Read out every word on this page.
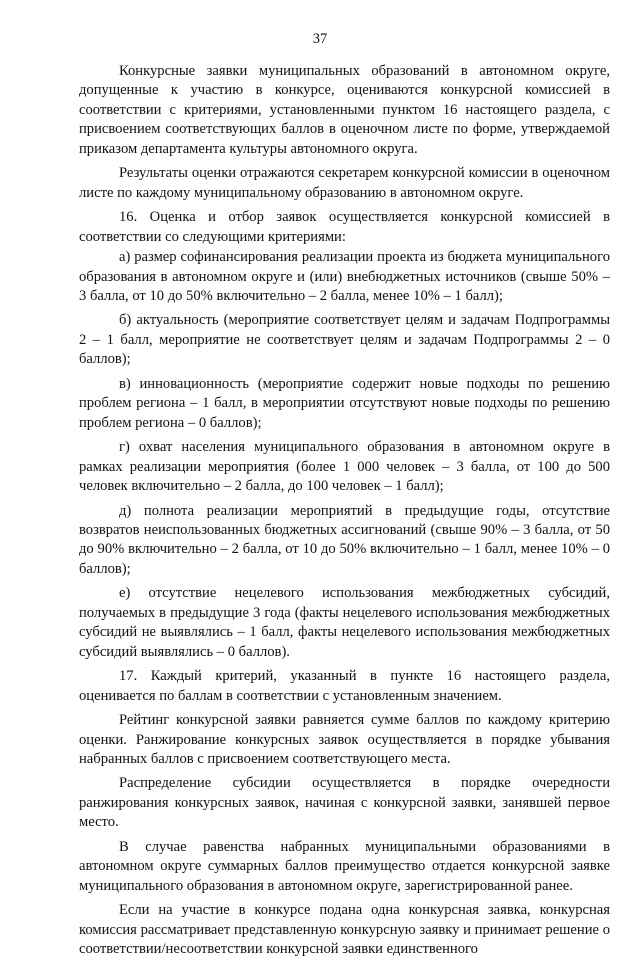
37

Конкурсные заявки муниципальных образований в автономном округе, допущенные к участию в конкурсе, оцениваются конкурсной комиссией в соответствии с критериями, установленными пунктом 16 настоящего раздела, с присвоением соответствующих баллов в оценочном листе по форме, утверждаемой приказом департамента культуры автономного округа.

Результаты оценки отражаются секретарем конкурсной комиссии в оценочном листе по каждому муниципальному образованию в автономном округе.

16. Оценка и отбор заявок осуществляется конкурсной комиссией в соответствии со следующими критериями:

а) размер софинансирования реализации проекта из бюджета муниципального образования в автономном округе и (или) внебюджетных источников (свыше 50% – 3 балла, от 10 до 50% включительно – 2 балла, менее 10% – 1 балл);

б) актуальность (мероприятие соответствует целям и задачам Подпрограммы 2 – 1 балл, мероприятие не соответствует целям и задачам Подпрограммы 2 – 0 баллов);

в) инновационность (мероприятие содержит новые подходы по решению проблем региона – 1 балл, в мероприятии отсутствуют новые подходы по решению проблем региона – 0 баллов);

г) охват населения муниципального образования в автономном округе в рамках реализации мероприятия (более 1 000 человек – 3 балла, от 100 до 500 человек включительно – 2 балла, до 100 человек – 1 балл);

д) полнота реализации мероприятий в предыдущие годы, отсутствие возвратов неиспользованных бюджетных ассигнований (свыше 90% – 3 балла, от 50 до 90% включительно – 2 балла, от 10 до 50% включительно – 1 балл, менее 10% – 0 баллов);

е) отсутствие нецелевого использования межбюджетных субсидий, получаемых в предыдущие 3 года (факты нецелевого использования межбюджетных субсидий не выявлялись – 1 балл, факты нецелевого использования межбюджетных субсидий выявлялись – 0 баллов).

17. Каждый критерий, указанный в пункте 16 настоящего раздела, оценивается по баллам в соответствии с установленным значением.

Рейтинг конкурсной заявки равняется сумме баллов по каждому критерию оценки. Ранжирование конкурсных заявок осуществляется в порядке убывания набранных баллов с присвоением соответствующего места.

Распределение субсидии осуществляется в порядке очередности ранжирования конкурсных заявок, начиная с конкурсной заявки, занявшей первое место.

В случае равенства набранных муниципальными образованиями в автономном округе суммарных баллов преимущество отдается конкурсной заявке муниципального образования в автономном округе, зарегистрированной ранее.

Если на участие в конкурсе подана одна конкурсная заявка, конкурсная комиссия рассматривает представленную конкурсную заявку и принимает решение о соответствии/несоответствии конкурсной заявки единственного
